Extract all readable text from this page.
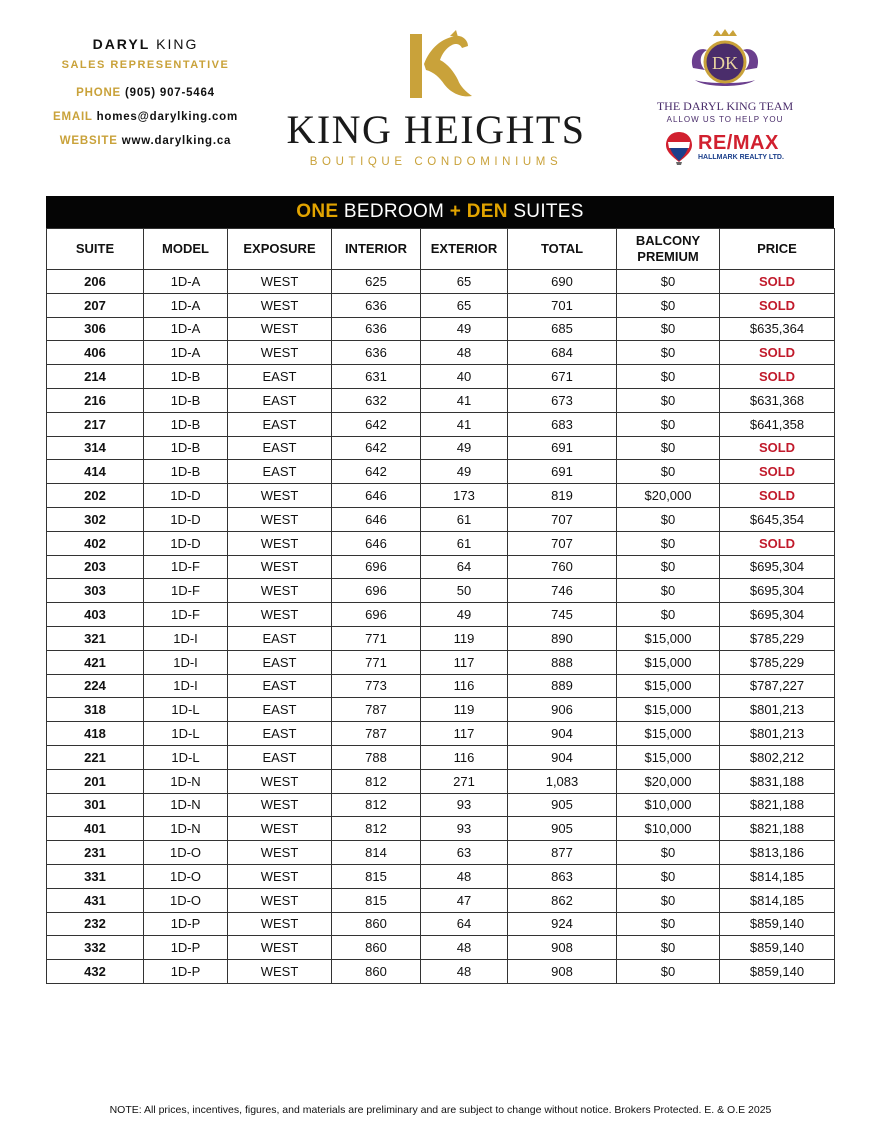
DARYL KING
SALES REPRESENTATIVE
PHONE (905) 907-5464
EMAIL homes@darylking.com
WEBSITE www.darylking.ca	KING HEIGHTS
BOUTIQUE CONDOMINIUMS
DK
THE DARYL KING TEAM
ALLOW US TO HELP YOU
RE/MAX
HALLMARK REALTY LTD.
ONE BEDROOM + DEN SUITES
SUITE	MODEL	EXPOSURE	INTERIOR	EXTERIOR	TOTAL	BALCONY
PREMIUM	PRICE
206	1D-A	WEST	625	65	690	$0	SOLD
207	1D-A	WEST	636	65	701	$0	SOLD
306	1D-A	WEST	636	49	685	$0	$635,364
406	1D-A	WEST	636	48	684	$0	SOLD
214	1D-B	EAST	631	40	671	$0	SOLD
216	1D-B	EAST	632	41	673	$0	$631,368
217	1D-B	EAST	642	41	683	$0	$641,358
314	1D-B	EAST	642	49	691	$0	SOLD
414	1D-B	EAST	642	49	691	$0	SOLD
202	1D-D	WEST	646	173	819	$20,000	SOLD
302	1D-D	WEST	646	61	707	$0	$645,354
402	1D-D	WEST	646	61	707	$0	SOLD
203	1D-F	WEST	696	64	760	$0	$695,304
303	1D-F	WEST	696	50	746	$0	$695,304
403	1D-F	WEST	696	49	745	$0	$695,304
321	1D-I	EAST	771	119	890	$15,000	$785,229
421	1D-I	EAST	771	117	888	$15,000	$785,229
224	1D-I	EAST	773	116	889	$15,000	$787,227
318	1D-L	EAST	787	119	906	$15,000	$801,213
418	1D-L	EAST	787	117	904	$15,000	$801,213
221	1D-L	EAST	788	116	904	$15,000	$802,212
201	1D-N	WEST	812	271	1,083	$20,000	$831,188
301	1D-N	WEST	812	93	905	$10,000	$821,188
401	1D-N	WEST	812	93	905	$10,000	$821,188
231	1D-O	WEST	814	63	877	$0	$813,186
331	1D-O	WEST	815	48	863	$0	$814,185
431	1D-O	WEST	815	47	862	$0	$814,185
232	1D-P	WEST	860	64	924	$0	$859,140
332	1D-P	WEST	860	48	908	$0	$859,140
432	1D-P	WEST	860	48	908	$0	$859,140
NOTE: All prices, incentives, figures, and materials are preliminary and are subject to change without notice. Brokers Protected. E. & O.E 2025
